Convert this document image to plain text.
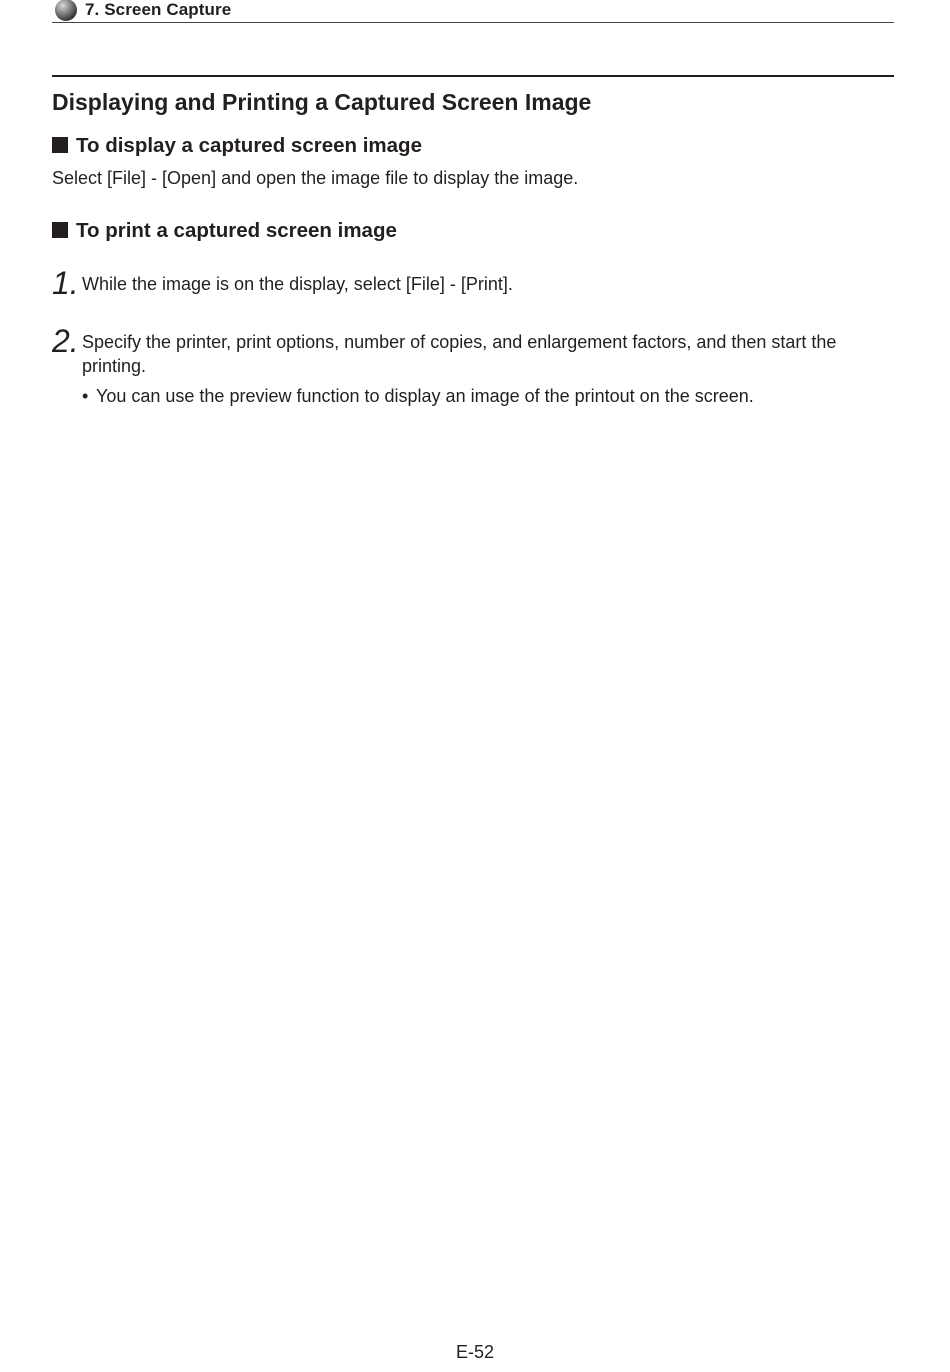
7. Screen Capture
Displaying and Printing a Captured Screen Image
To display a captured screen image

Select [File] - [Open] and open the image file to display the image.

To print a captured screen image
1. While the image is on the display, select [File] - [Print].
2. Specify the printer, print options, number of copies, and enlargement factors, and then start the printing.
• You can use the preview function to display an image of the printout on the screen.
E-52
